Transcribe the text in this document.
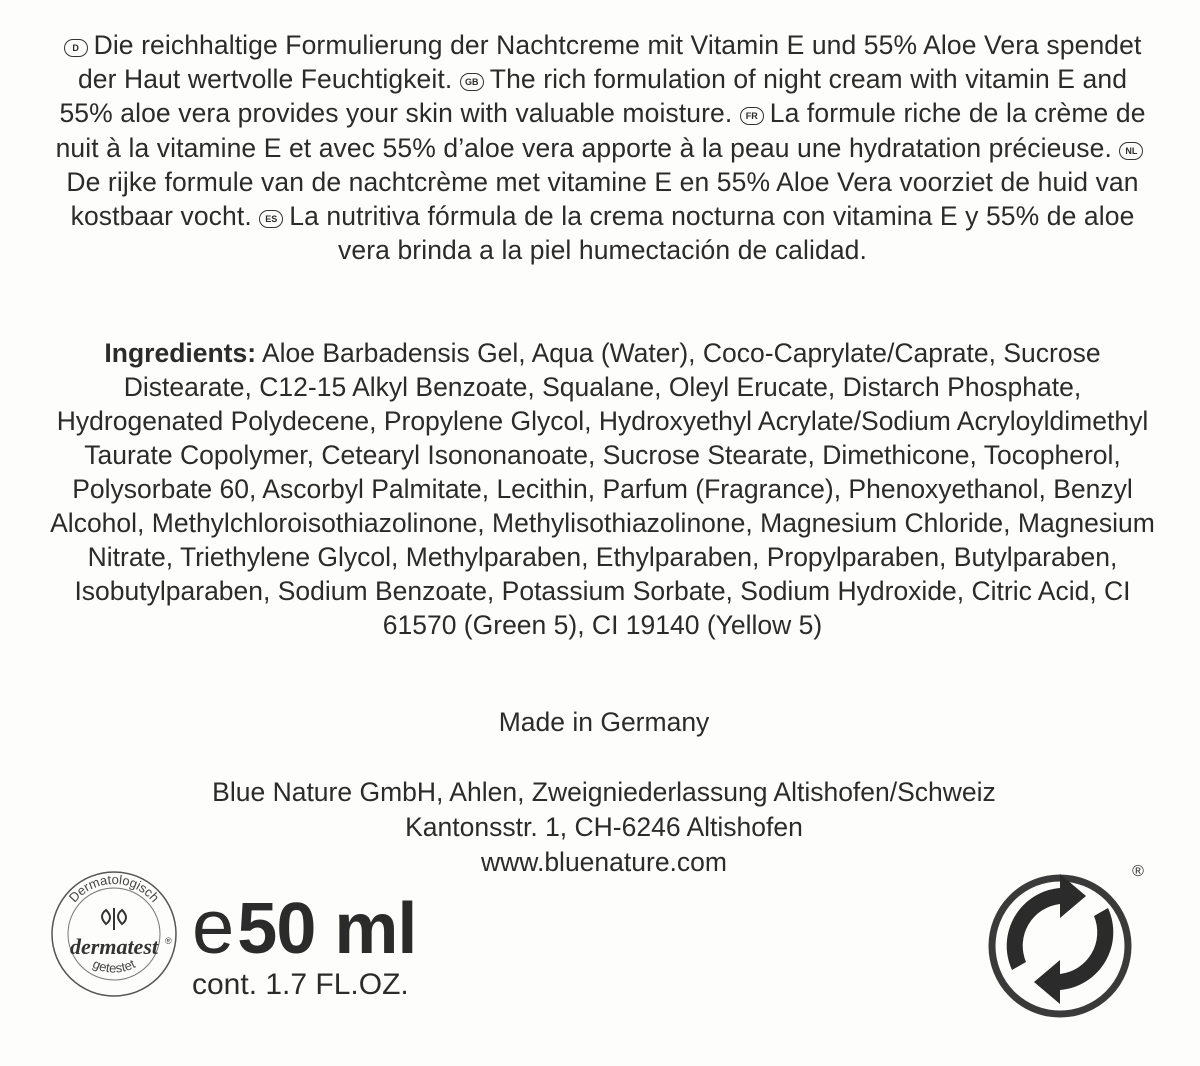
D Die reichhaltige Formulierung der Nachtcreme mit Vitamin E und 55% Aloe Vera spendet der Haut wertvolle Feuchtigkeit. GB The rich formulation of night cream with vitamin E and 55% aloe vera provides your skin with valuable moisture. FR La formule riche de la crème de nuit à la vitamine E et avec 55% d’aloe vera apporte à la peau une hydratation précieuse. NLDe rijke formule van de nachtcrème met vitamine E en 55% Aloe Vera voorziet de huid van kostbaar vocht. ES La nutritiva fórmula de la crema nocturna con vitamina E y 55% de aloe vera brinda a la piel humectación de calidad.
Ingredients: Aloe Barbadensis Gel, Aqua (Water), Coco-Caprylate/Caprate, Sucrose Distearate, C12-15 Alkyl Benzoate, Squalane, Oleyl Erucate, Distarch Phosphate, Hydrogenated Polydecene, Propylene Glycol, Hydroxyethyl Acrylate/Sodium Acryloyldimethyl Taurate Copolymer, Cetearyl Isononanoate, Sucrose Stearate, Dimethicone, Tocopherol, Polysorbate 60, Ascorbyl Palmitate, Lecithin, Parfum (Fragrance), Phenoxyethanol, Benzyl Alcohol, Methylchloroisothiazolinone, Methylisothiazolinone, Magnesium Chloride, Magnesium Nitrate, Triethylene Glycol, Methylparaben, Ethylparaben, Propylparaben, Butylparaben, Isobutylparaben, Sodium Benzoate, Potassium Sorbate, Sodium Hydroxide, Citric Acid, CI 61570 (Green 5), CI 19140 (Yellow 5)
Made in Germany
Blue Nature GmbH, Ahlen, Zweigniederlassung Altishofen/Schweiz
Kantonsstr. 1, CH-6246 Altishofen
www.bluenature.com
Dermatologisch
getestet
dermatest ® e50 ml
cont. 1.7 FL.OZ.
®
